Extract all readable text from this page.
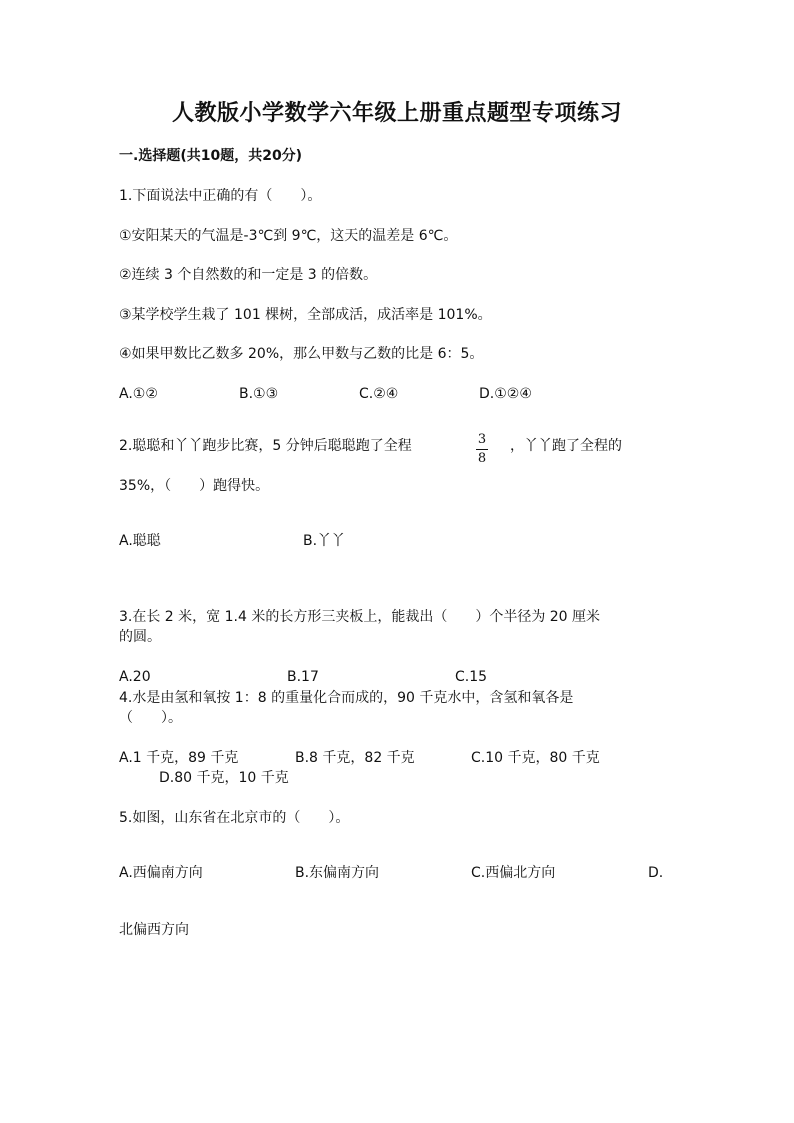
人教版小学数学六年级上册重点题型专项练习
一.选择题(共10题，共20分)
1.下面说法中正确的有（　　）。
①安阳某天的气温是-3℃到 9℃，这天的温差是 6℃。
②连续 3 个自然数的和一定是 3 的倍数。
③某学校学生栽了 101 棵树，全部成活，成活率是 101%。
④如果甲数比乙数多 20%，那么甲数与乙数的比是 6：5。
A.①②	B.①③	C.②④	D.①②④
2.聪聪和丫丫跑步比赛，5 分钟后聪聪跑了全程	3
8
，丫丫跑了全程的
35%，（　　）跑得快。
A.聪聪	B.丫丫
3.在长 2 米，宽 1.4 米的长方形三夹板上，能裁出（　　）个半径为 20 厘米
的圆。
A.20	B.17	C.15
4.水是由氢和氧按 1：8 的重量化合而成的，90 千克水中，含氢和氧各是
（　　）。
A.1 千克，89 千克	B.8 千克，82 千克	C.10 千克，80 千克
D.80 千克，10 千克
5.如图，山东省在北京市的（　　）。
A.西偏南方向	B.东偏南方向	C.西偏北方向	D.
北偏西方向
